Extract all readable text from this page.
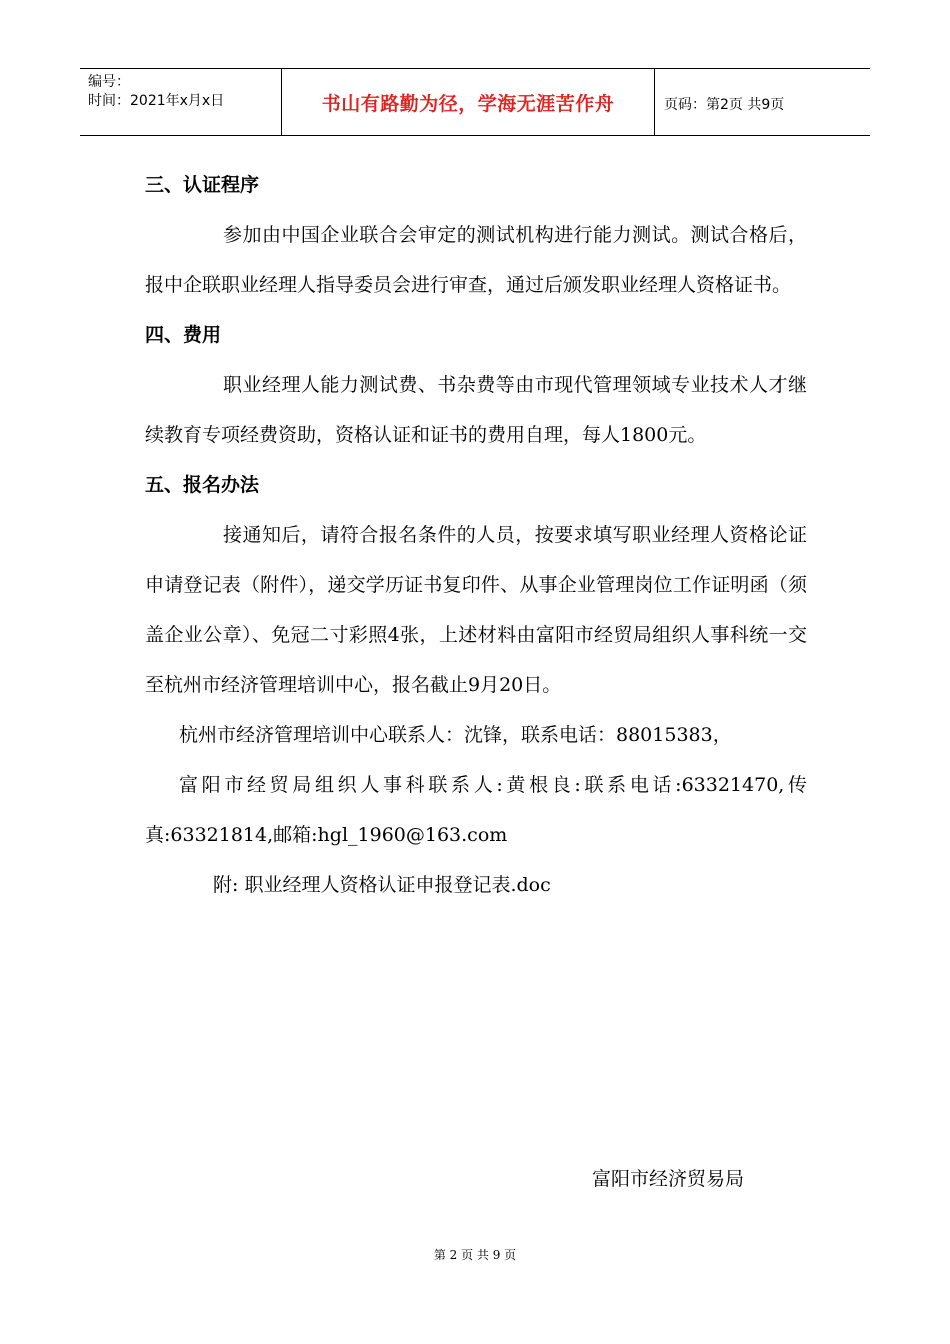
编号：
时间：2021年x月x日	书山有路勤为径，学海无涯苦作舟	页码：第2页 共9页

三、认证程序

参加由中国企业联合会审定的测试机构进行能力测试。测试合格后，报中企联职业经理人指导委员会进行审查，通过后颁发职业经理人资格证书。

四、费用

职业经理人能力测试费、书杂费等由市现代管理领域专业技术人才继续教育专项经费资助，资格认证和证书的费用自理，每人1800元。

五、报名办法

接通知后，请符合报名条件的人员，按要求填写职业经理人资格论证申请登记表（附件），递交学历证书复印件、从事企业管理岗位工作证明函（须盖企业公章）、免冠二寸彩照4张，上述材料由富阳市经贸局组织人事科统一交至杭州市经济管理培训中心，报名截止9月20日。

杭州市经济管理培训中心联系人：沈锋，联系电话：88015383，

富阳市经贸局组织人事科联系人:黄根良:联系电话:63321470,传真:63321814,邮箱:hgl_1960@163.com

附: 职业经理人资格认证申报登记表.doc

富阳市经济贸易局
第 2 页 共 9 页
